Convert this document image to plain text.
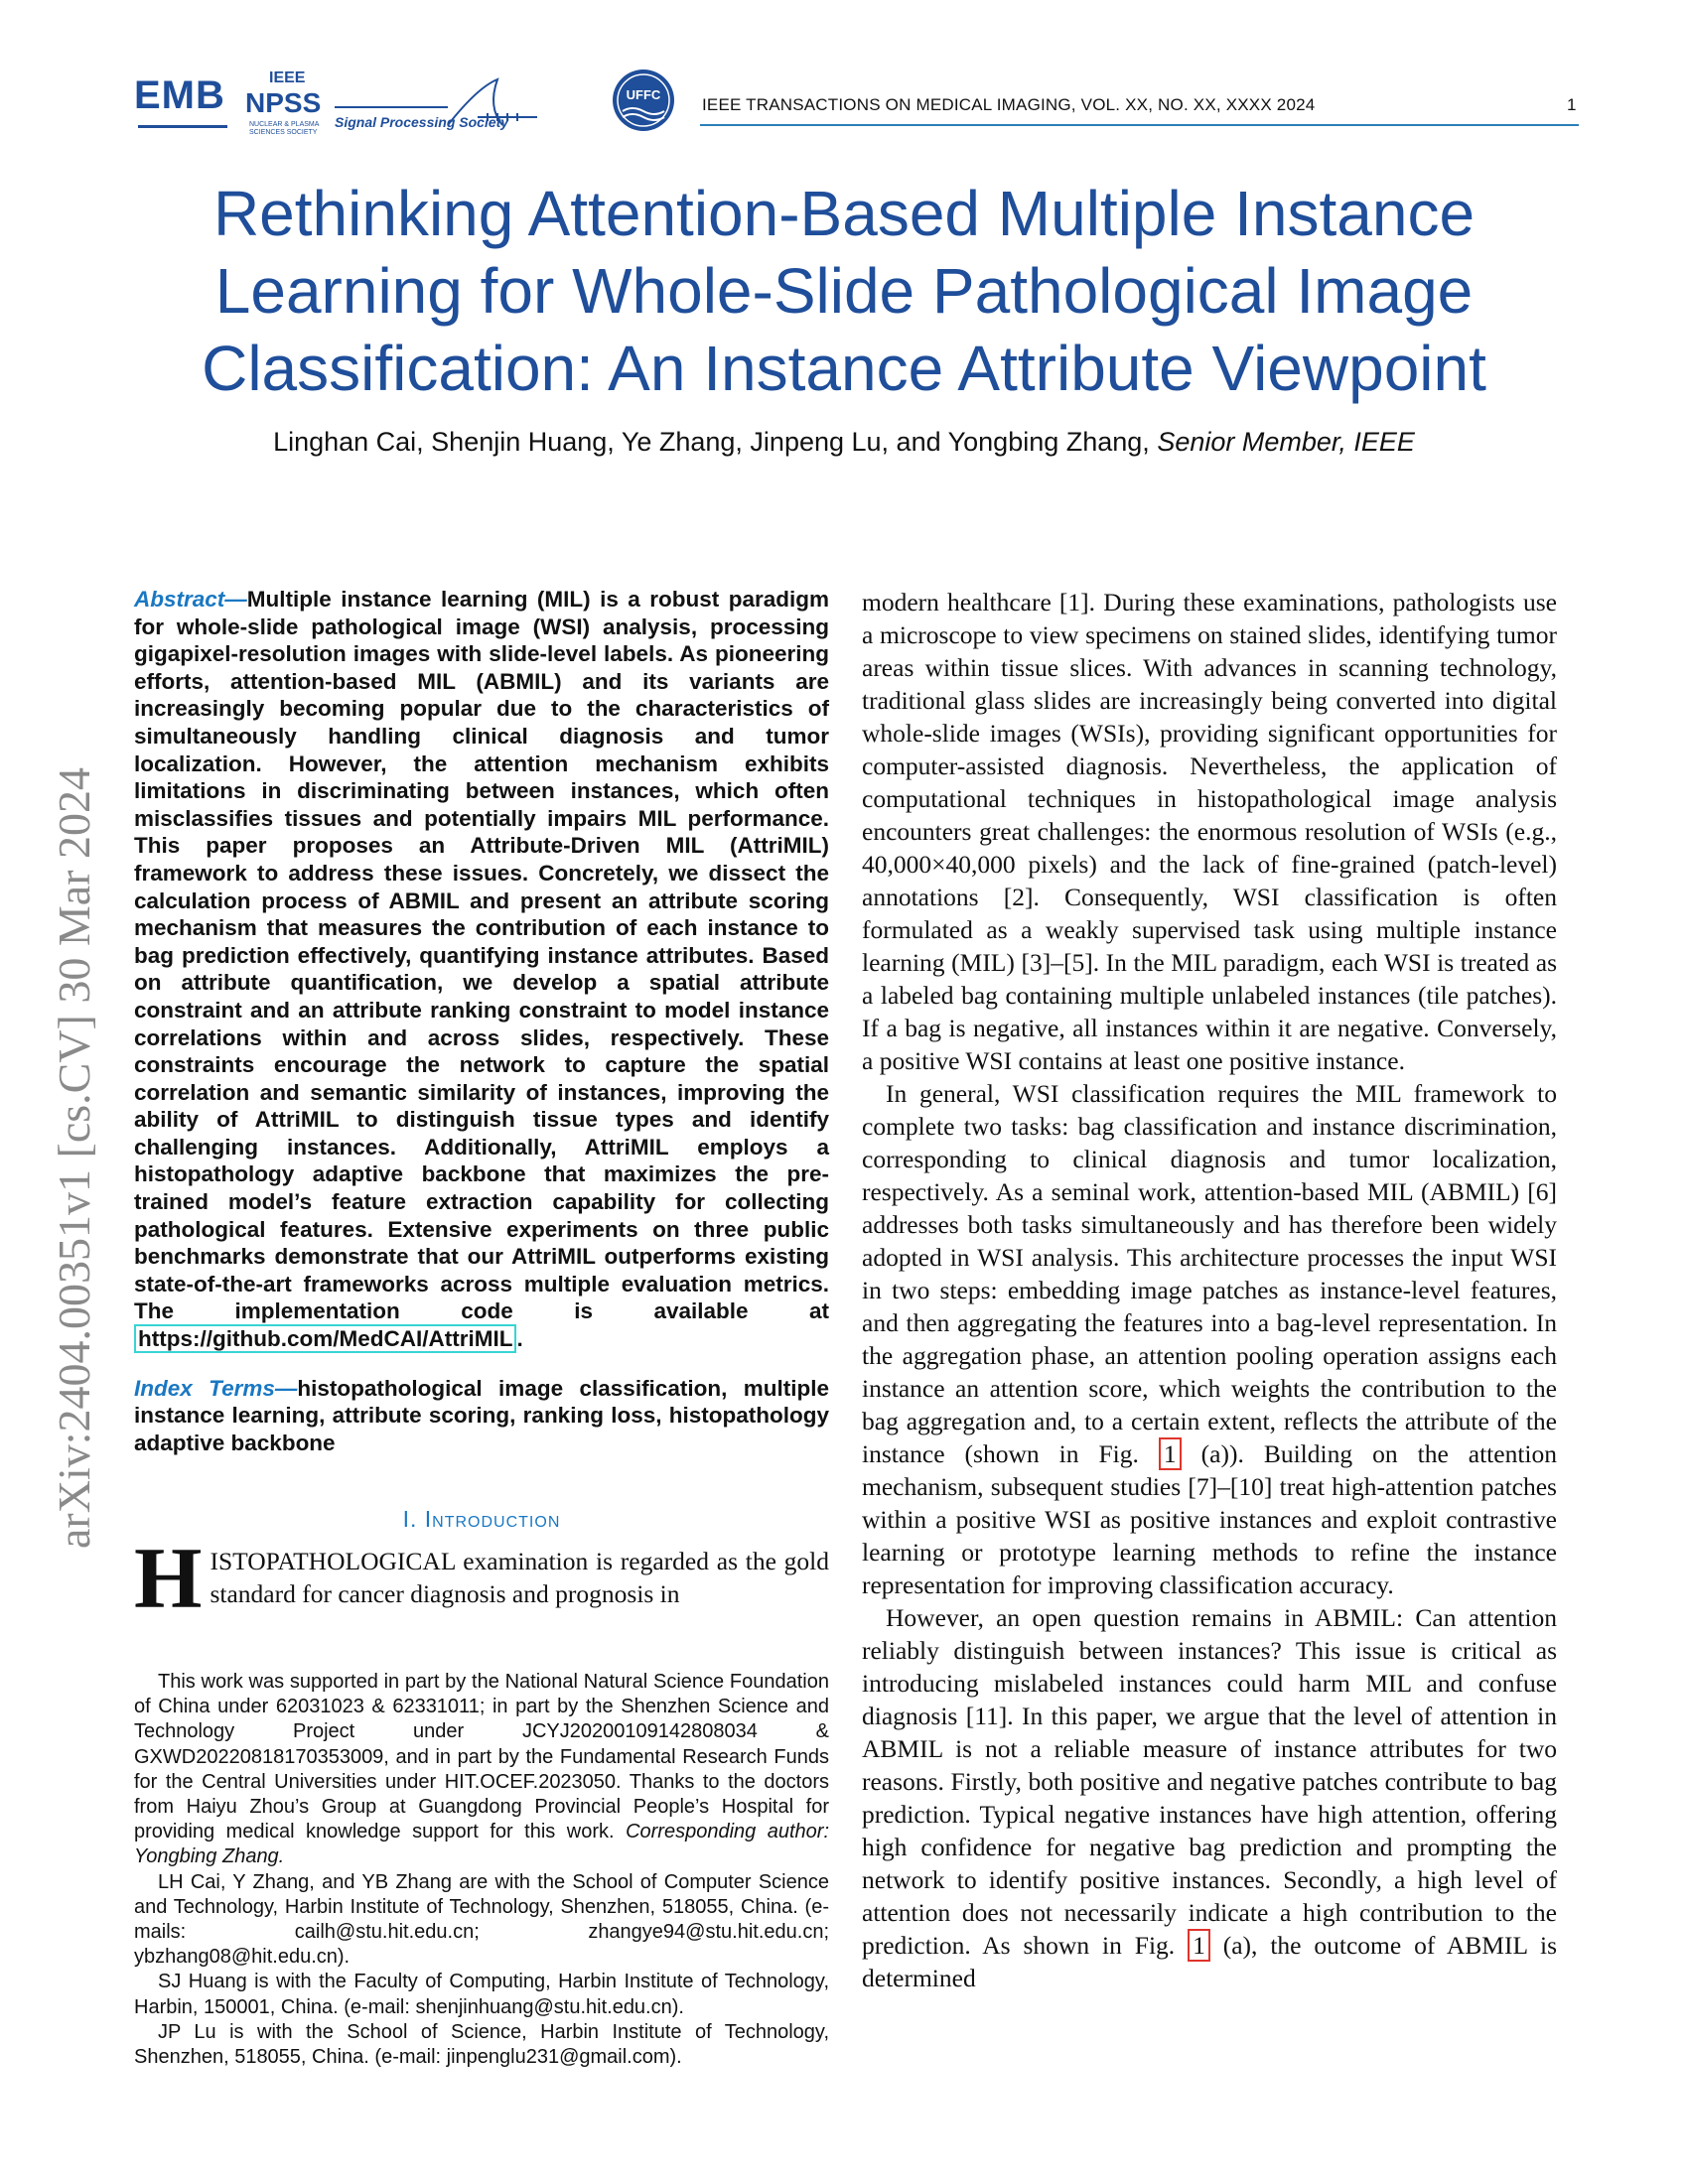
EMB	IEEE
NPSS
NUCLEAR & PLASMA SCIENCES SOCIETY
Signal Processing Society
UFFC
IEEE TRANSACTIONS ON MEDICAL IMAGING, VOL. XX, NO. XX, XXXX 2024	1
Rethinking Attention-Based Multiple Instance Learning for Whole-Slide Pathological Image Classification: An Instance Attribute Viewpoint
Linghan Cai, Shenjin Huang, Ye Zhang, Jinpeng Lu, and Yongbing Zhang, Senior Member, IEEE
arXiv:2404.00351v1 [cs.CV] 30 Mar 2024

Abstract—Multiple instance learning (MIL) is a robust paradigm for whole-slide pathological image (WSI) analysis, processing gigapixel-resolution images with slide-level labels. As pioneering efforts, attention-based MIL (ABMIL) and its variants are increasingly becoming popular due to the characteristics of simultaneously handling clinical diagnosis and tumor localization. However, the attention mechanism exhibits limitations in discriminating between instances, which often misclassifies tissues and potentially impairs MIL performance. This paper proposes an Attribute-Driven MIL (AttriMIL) framework to address these issues. Concretely, we dissect the calculation process of ABMIL and present an attribute scoring mechanism that measures the contribution of each instance to bag prediction effectively, quantifying instance attributes. Based on attribute quantification, we develop a spatial attribute constraint and an attribute ranking constraint to model instance correlations within and across slides, respectively. These constraints encourage the network to capture the spatial correlation and semantic similarity of instances, improving the ability of AttriMIL to distinguish tissue types and identify challenging instances. Additionally, AttriMIL employs a histopathology adaptive backbone that maximizes the pre-trained model’s feature extraction capability for collecting pathological features. Extensive experiments on three public benchmarks demonstrate that our AttriMIL outperforms existing state-of-the-art frameworks across multiple evaluation metrics. The implementation code is available at https://github.com/MedCAI/AttriMIL .

Index Terms—histopathological image classification, multiple instance learning, attribute scoring, ranking loss, histopathology adaptive backbone

I. Introduction

HISTOPATHOLOGICAL examination is regarded as the gold standard for cancer diagnosis and prognosis in

This work was supported in part by the National Natural Science Foundation of China under 62031023 & 62331011; in part by the Shenzhen Science and Technology Project under JCYJ20200109142808034 & GXWD20220818170353009, and in part by the Fundamental Research Funds for the Central Universities under HIT.OCEF.2023050. Thanks to the doctors from Haiyu Zhou’s Group at Guangdong Provincial People’s Hospital for providing medical knowledge support for this work. Corresponding author: Yongbing Zhang.

LH Cai, Y Zhang, and YB Zhang are with the School of Computer Science and Technology, Harbin Institute of Technology, Shenzhen, 518055, China. (e-mails: cailh@stu.hit.edu.cn; zhangye94@stu.hit.edu.cn; ybzhang08@hit.edu.cn).

SJ Huang is with the Faculty of Computing, Harbin Institute of Technology, Harbin, 150001, China. (e-mail: shenjinhuang@stu.hit.edu.cn).

JP Lu is with the School of Science, Harbin Institute of Technology, Shenzhen, 518055, China. (e-mail: jinpenglu231@gmail.com).

modern healthcare [1]. During these examinations, pathologists use a microscope to view specimens on stained slides, identifying tumor areas within tissue slices. With advances in scanning technology, traditional glass slides are increasingly being converted into digital whole-slide images (WSIs), providing significant opportunities for computer-assisted diagnosis. Nevertheless, the application of computational techniques in histopathological image analysis encounters great challenges: the enormous resolution of WSIs (e.g., 40,000×40,000 pixels) and the lack of fine-grained (patch-level) annotations [2]. Consequently, WSI classification is often formulated as a weakly supervised task using multiple instance learning (MIL) [3]–[5]. In the MIL paradigm, each WSI is treated as a labeled bag containing multiple unlabeled instances (tile patches). If a bag is negative, all instances within it are negative. Conversely, a positive WSI contains at least one positive instance.

In general, WSI classification requires the MIL framework to complete two tasks: bag classification and instance discrimination, corresponding to clinical diagnosis and tumor localization, respectively. As a seminal work, attention-based MIL (ABMIL) [6] addresses both tasks simultaneously and has therefore been widely adopted in WSI analysis. This architecture processes the input WSI in two steps: embedding image patches as instance-level features, and then aggregating the features into a bag-level representation. In the aggregation phase, an attention pooling operation assigns each instance an attention score, which weights the contribution to the bag aggregation and, to a certain extent, reflects the attribute of the instance (shown in Fig. 1 (a)). Building on the attention mechanism, subsequent studies [7]–[10] treat high-attention patches within a positive WSI as positive instances and exploit contrastive learning or prototype learning methods to refine the instance representation for improving classification accuracy.

However, an open question remains in ABMIL: Can attention reliably distinguish between instances? This issue is critical as introducing mislabeled instances could harm MIL and confuse diagnosis [11]. In this paper, we argue that the level of attention in ABMIL is not a reliable measure of instance attributes for two reasons. Firstly, both positive and negative patches contribute to bag prediction. Typical negative instances have high attention, offering high confidence for negative bag prediction and prompting the network to identify positive instances. Secondly, a high level of attention does not necessarily indicate a high contribution to the prediction. As shown in Fig. 1 (a), the outcome of ABMIL is determined
